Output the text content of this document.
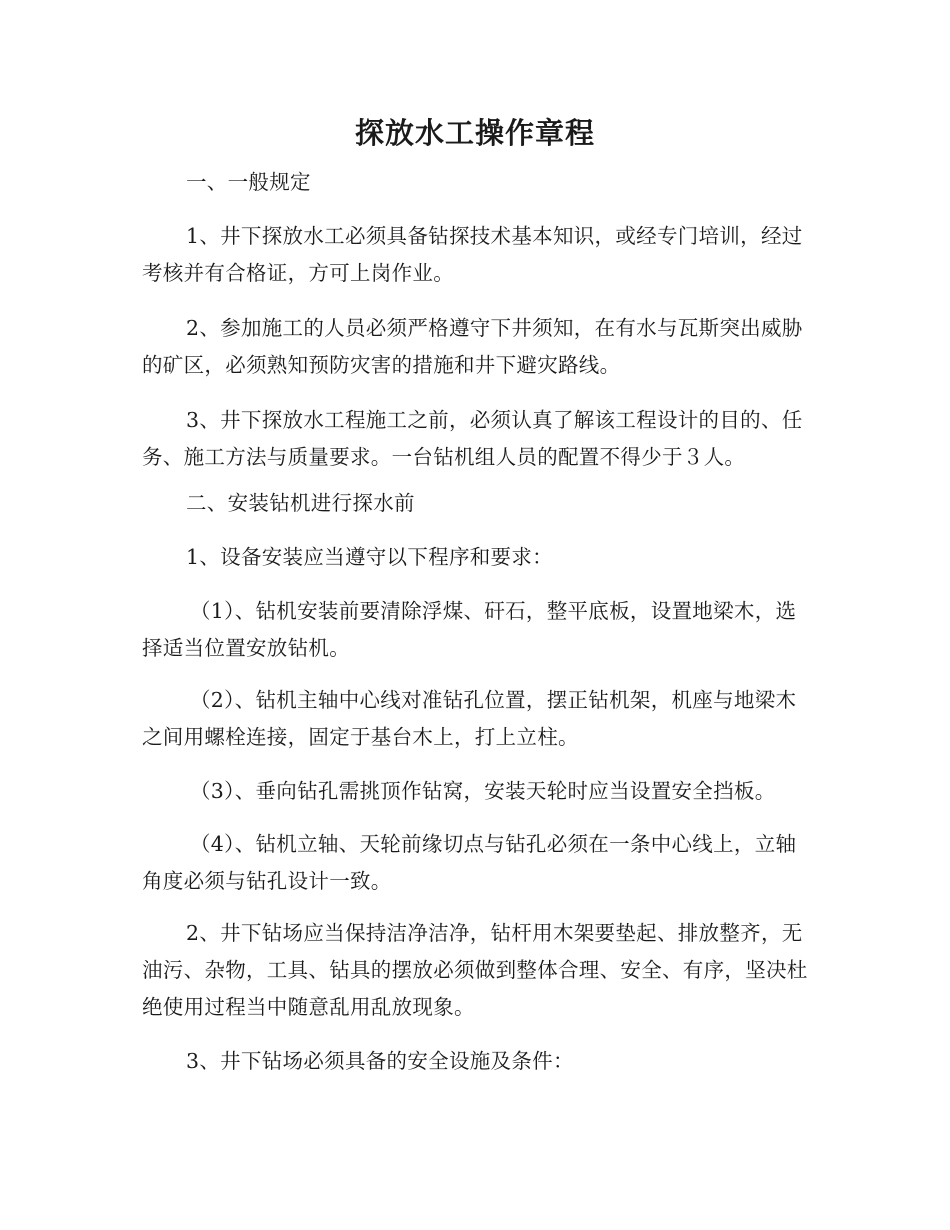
探放水工操作章程
一、一般规定
1、井下探放水工必须具备钻探技术基本知识，或经专门培训，经过考核并有合格证，方可上岗作业。
2、参加施工的人员必须严格遵守下井须知，在有水与瓦斯突出威胁的矿区，必须熟知预防灾害的措施和井下避灾路线。
3、井下探放水工程施工之前，必须认真了解该工程设计的目的、任务、施工方法与质量要求。一台钻机组人员的配置不得少于３人。
二、安装钻机进行探水前
1、设备安装应当遵守以下程序和要求：
（1）、钻机安装前要清除浮煤、矸石，整平底板，设置地梁木，选择适当位置安放钻机。
（2）、钻机主轴中心线对准钻孔位置，摆正钻机架，机座与地梁木之间用螺栓连接，固定于基台木上，打上立柱。
（3）、垂向钻孔需挑顶作钻窝，安装天轮时应当设置安全挡板。
（4）、钻机立轴、天轮前缘切点与钻孔必须在一条中心线上，立轴角度必须与钻孔设计一致。
2、井下钻场应当保持洁净洁净，钻杆用木架要垫起、排放整齐，无油污、杂物，工具、钻具的摆放必须做到整体合理、安全、有序，坚决杜绝使用过程当中随意乱用乱放现象。
3、井下钻场必须具备的安全设施及条件：
